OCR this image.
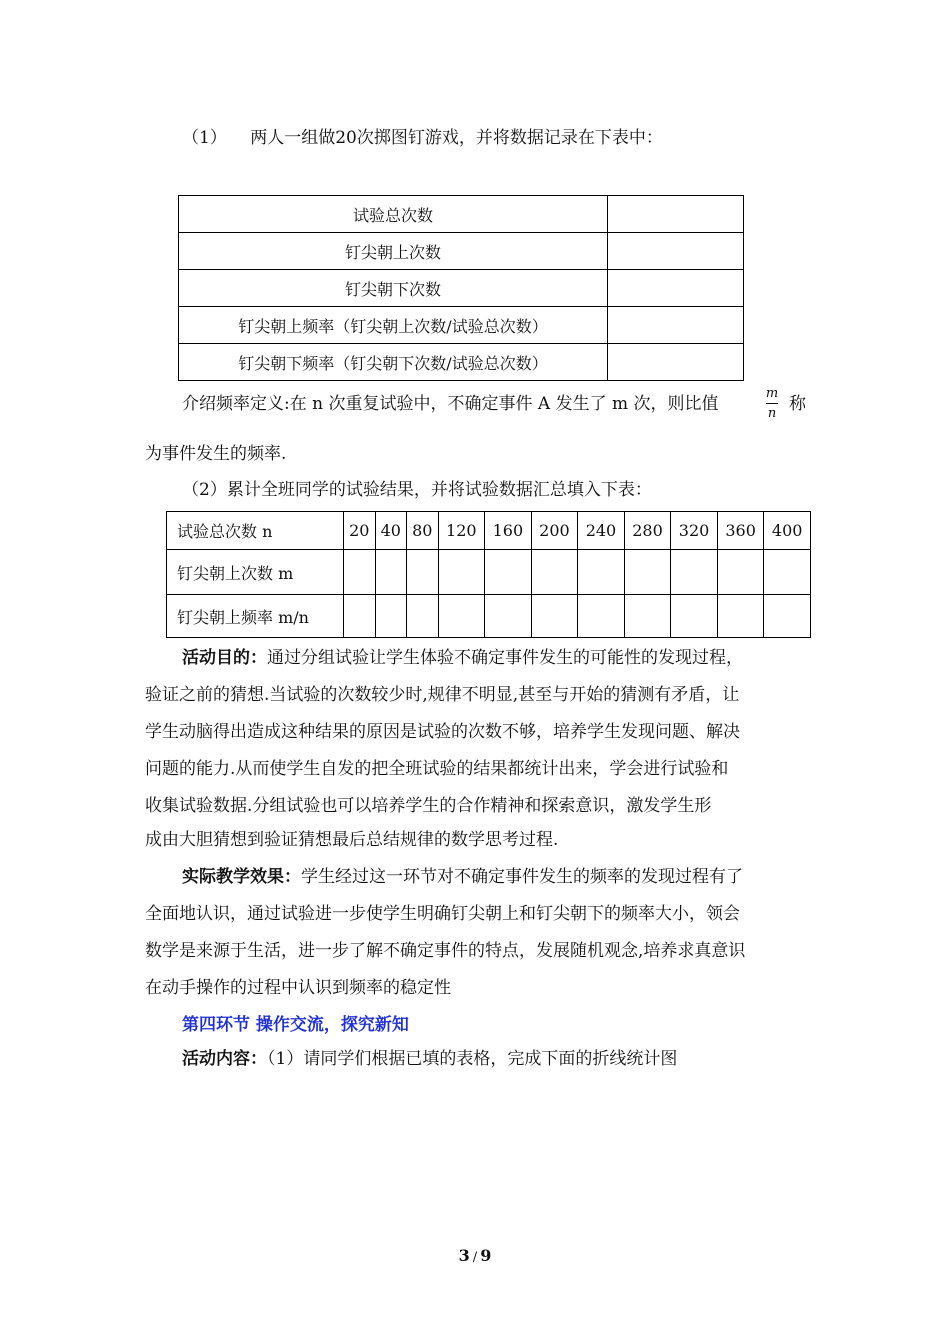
（1） 两人一组做20次掷图钉游戏，并将数据记录在下表中：
试验总次数	
钉尖朝上次数	
钉尖朝下次数	
钉尖朝上频率（钉尖朝上次数/试验总次数）	
钉尖朝下频率（钉尖朝下次数/试验总次数）	
介绍频率定义:在 n 次重复试验中，不确定事件 A 发生了 m 次，则比值
m
n 称
为事件发生的频率.
（2）累计全班同学的试验结果，并将试验数据汇总填入下表：
试验总次数 n	20	40	80	120	160	200	240	280	320	360	400
钉尖朝上次数 m											
钉尖朝上频率 m/n											
活动目的：通过分组试验让学生体验不确定事件发生的可能性的发现过程，
验证之前的猜想.当试验的次数较少时,规律不明显,甚至与开始的猜测有矛盾，让
学生动脑得出造成这种结果的原因是试验的次数不够，培养学生发现问题、解决
问题的能力.从而使学生自发的把全班试验的结果都统计出来，学会进行试验和
收集试验数据.分组试验也可以培养学生的合作精神和探索意识，激发学生形
成由大胆猜想到验证猜想最后总结规律的数学思考过程.
实际教学效果：学生经过这一环节对不确定事件发生的频率的发现过程有了
全面地认识，通过试验进一步使学生明确钉尖朝上和钉尖朝下的频率大小，领会
数学是来源于生活，进一步了解不确定事件的特点，发展随机观念,培养求真意识
在动手操作的过程中认识到频率的稳定性
第四环节 操作交流，探究新知
活动内容：（1）请同学们根据已填的表格，完成下面的折线统计图
3 / 9
